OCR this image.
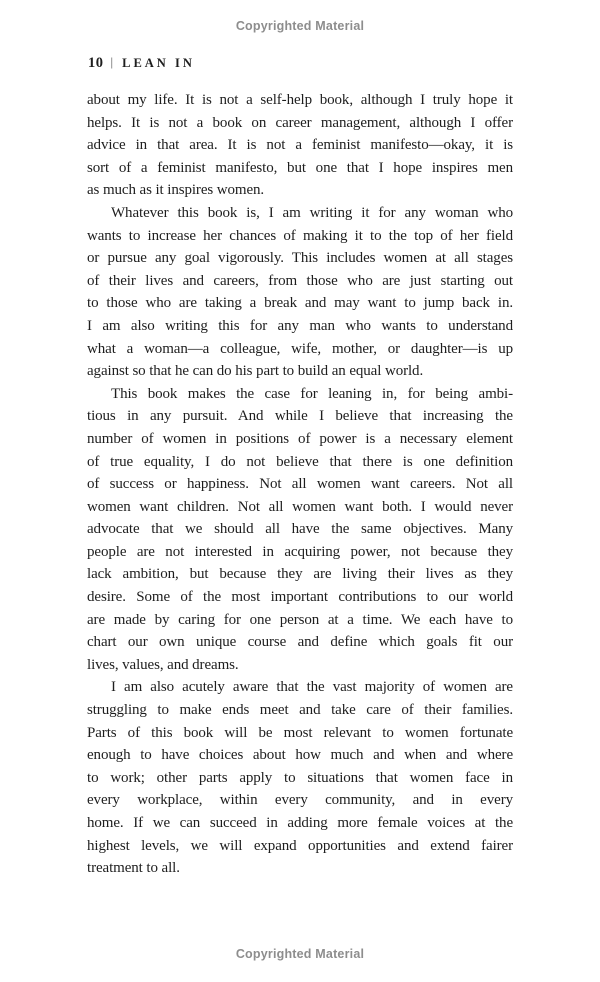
Copyrighted Material
10 | LEAN IN
about my life. It is not a self-help book, although I truly hope it
helps. It is not a book on career management, although I offer
advice in that area. It is not a feminist manifesto—okay, it is
sort of a feminist manifesto, but one that I hope inspires men
as much as it inspires women.
Whatever this book is, I am writing it for any woman who
wants to increase her chances of making it to the top of her field
or pursue any goal vigorously. This includes women at all stages
of their lives and careers, from those who are just starting out
to those who are taking a break and may want to jump back in.
I am also writing this for any man who wants to understand
what a woman—a colleague, wife, mother, or daughter—is up
against so that he can do his part to build an equal world.
This book makes the case for leaning in, for being ambi-
tious in any pursuit. And while I believe that increasing the
number of women in positions of power is a necessary element
of true equality, I do not believe that there is one definition
of success or happiness. Not all women want careers. Not all
women want children. Not all women want both. I would never
advocate that we should all have the same objectives. Many
people are not interested in acquiring power, not because they
lack ambition, but because they are living their lives as they
desire. Some of the most important contributions to our world
are made by caring for one person at a time. We each have to
chart our own unique course and define which goals fit our
lives, values, and dreams.
I am also acutely aware that the vast majority of women are
struggling to make ends meet and take care of their families.
Parts of this book will be most relevant to women fortunate
enough to have choices about how much and when and where
to work; other parts apply to situations that women face in
every workplace, within every community, and in every
home. If we can succeed in adding more female voices at the
highest levels, we will expand opportunities and extend fairer
treatment to all.
Copyrighted Material
